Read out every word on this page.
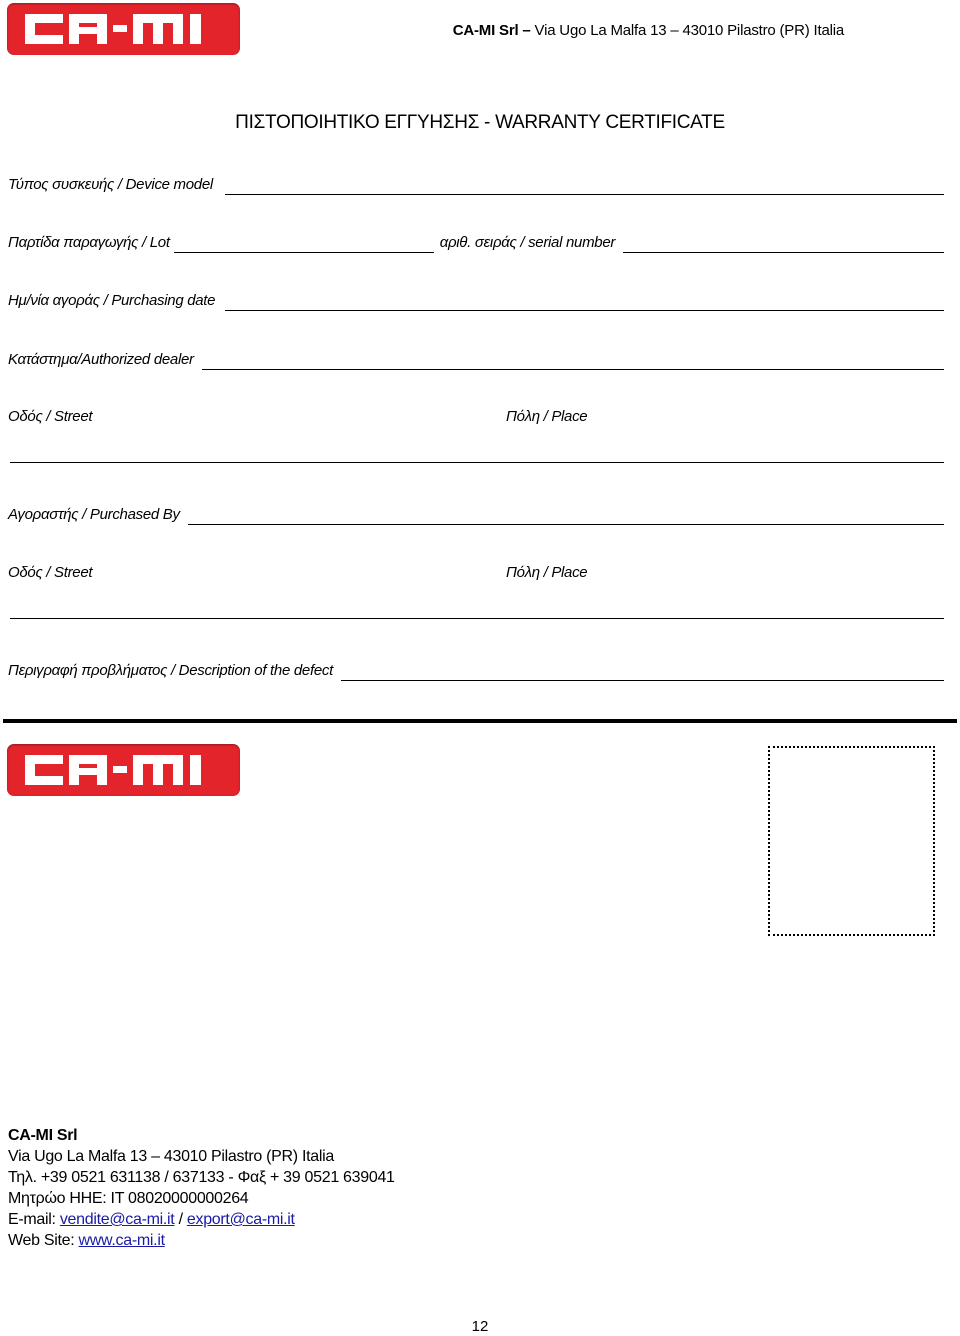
CA-MI Srl – Via Ugo La Malfa 13 – 43010 Pilastro (PR) Italia
ΠΙΣΤΟΠΟΙΗΤΙΚΟ ΕΓΓΥΗΣΗΣ - WARRANTY CERTIFICATE
Τύπος συσκευής / Device model
Παρτίδα παραγωγής / Lot	αριθ. σειράς / serial number
Ημ/νία αγοράς / Purchasing date
Κατάστημα/Authorized dealer
Οδός / Street	Πόλη / Place
Αγοραστής / Purchased By
Οδός / Street	Πόλη / Place
Περιγραφή προβλήματος / Description of the defect
CA-MI Srl
Via Ugo La Malfa 13 – 43010 Pilastro (PR) Italia
Τηλ. +39 0521 631138 / 637133 - Φαξ + 39 0521 639041
Μητρώο ΗΗΕ: IT 08020000000264
E-mail: vendite@ca-mi.it / export@ca-mi.it
Web Site: www.ca-mi.it
12
